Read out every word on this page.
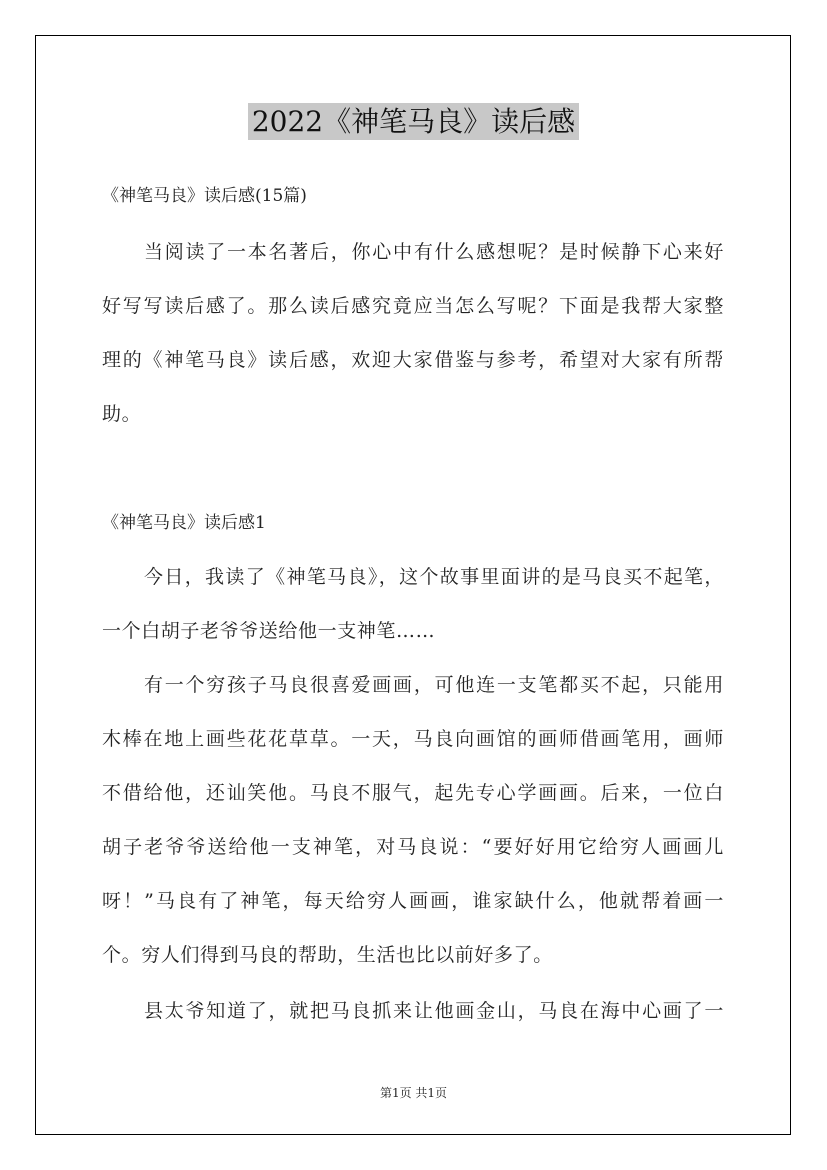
2022《神笔马良》读后感
《神笔马良》读后感(15篇)
当阅读了一本名著后，你心中有什么感想呢？是时候静下心来好
好写写读后感了。那么读后感究竟应当怎么写呢？下面是我帮大家整
理的《神笔马良》读后感，欢迎大家借鉴与参考，希望对大家有所帮
助。
《神笔马良》读后感1
今日，我读了《神笔马良》，这个故事里面讲的是马良买不起笔，
一个白胡子老爷爷送给他一支神笔……
有一个穷孩子马良很喜爱画画，可他连一支笔都买不起，只能用
木棒在地上画些花花草草。一天，马良向画馆的画师借画笔用，画师
不借给他，还讪笑他。马良不服气，起先专心学画画。后来，一位白
胡子老爷爷送给他一支神笔，对马良说：“要好好用它给穷人画画儿
呀！”马良有了神笔，每天给穷人画画，谁家缺什么，他就帮着画一
个。穷人们得到马良的帮助，生活也比以前好多了。
县太爷知道了，就把马良抓来让他画金山，马良在海中心画了一
第1页 共1页
